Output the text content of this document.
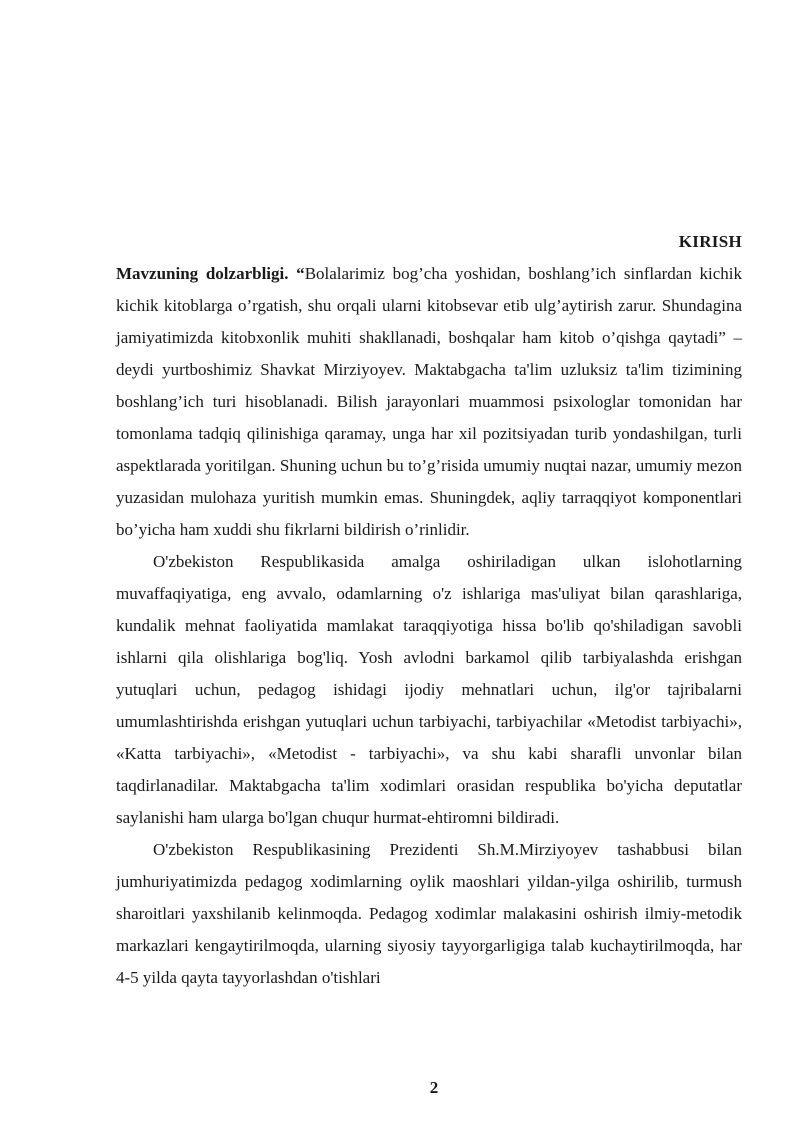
KIRISH

Mavzuning dolzarbligi. “Bolalarimiz bog’cha yoshidan, boshlang’ich sinflardan kichik kichik kitoblarga o’rgatish, shu orqali ularni kitobsevar etib ulg’aytirish zarur. Shundagina jamiyatimizda kitobxonlik muhiti shakllanadi, boshqalar ham kitob o’qishga qaytadi” – deydi yurtboshimiz Shavkat Mirziyoyev. Maktabgacha ta'lim uzluksiz ta'lim tizimining boshlang’ich turi hisoblanadi. Bilish jarayonlari muammosi psixologlar tomonidan har tomonlama tadqiq qilinishiga qaramay, unga har xil pozitsiyadan turib yondashilgan, turli aspektlarada yoritilgan. Shuning uchun bu to’g’risida umumiy nuqtai nazar, umumiy mezon yuzasidan mulohaza yuritish mumkin emas. Shuningdek, aqliy tarraqqiyot komponentlari bo’yicha ham xuddi shu fikrlarni bildirish o’rinlidir.

O'zbekiston Respublikasida amalga oshiriladigan ulkan islohotlarning muvaffaqiyatiga, eng avvalo, odamlarning o'z ishlariga mas'uliyat bilan qarashlariga, kundalik mehnat faoliyatida mamlakat taraqqiyotiga hissa bo'lib qo'shiladigan savobli ishlarni qila olishlariga bog'liq. Yosh avlodni barkamol qilib tarbiyalashda erishgan yutuqlari uchun, pedagog ishidagi ijodiy mehnatlari uchun, ilg'or tajribalarni umumlashtirishda erishgan yutuqlari uchun tarbiyachi, tarbiyachilar «Metodist tarbiyachi», «Katta tarbiyachi», «Metodist - tarbiyachi», va shu kabi sharafli unvonlar bilan taqdirlanadilar. Maktabgacha ta'lim xodimlari orasidan respublika bo'yicha deputatlar saylanishi ham ularga bo'lgan chuqur hurmat-ehtiromni bildiradi.

O'zbekiston Respublikasining Prezidenti Sh.M.Mirziyoyev tashabbusi bilan jumhuriyatimizda pedagog xodimlarning oylik maoshlari yildan-yilga oshirilib, turmush sharoitlari yaxshilanib kelinmoqda. Pedagog xodimlar malakasini oshirish ilmiy-metodik markazlari kengaytirilmoqda, ularning siyosiy tayyorgarligiga talab kuchaytirilmoqda, har 4-5 yilda qayta tayyorlashdan o'tishlari

2
